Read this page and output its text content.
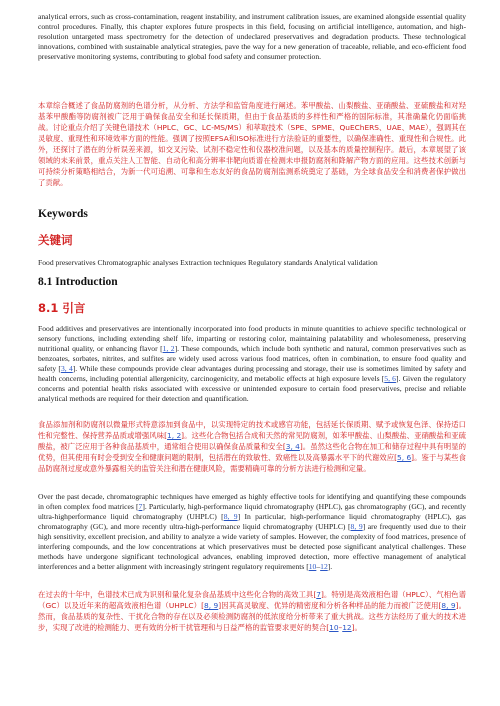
analytical errors, such as cross-contamination, reagent instability, and instrument calibration issues, are examined alongside essential quality control procedures. Finally, this chapter explores future prospects in this field, focusing on artificial intelligence, automation, and high-resolution untargeted mass spectrometry for the detection of undeclared preservatives and degradation products. These technological innovations, combined with sustainable analytical strategies, pave the way for a new generation of traceable, reliable, and eco-efficient food preservative monitoring systems, contributing to global food safety and consumer protection.

本章综合概述了食品防腐剂的色谱分析，从分析、方法学和监管角度进行阐述。苯甲酸盐、山梨酸盐、亚硝酸盐、亚硫酸盐和对羟基苯甲酸酯等防腐剂被广泛用于确保食品安全和延长保质期，但由于食品基质的多样性和严格的国际标准，其准确量化仍面临挑战。讨论重点介绍了关键色谱技术（HPLC、GC、LC-MS/MS）和萃取技术（SPE、SPME、QuEChERS、UAE、MAE），强调其在灵敏度、重现性和环境效率方面的性能。强调了按照EFSA和ISO标准进行方法验证的重要性，以确保准确性、重现性和合规性。此外，还探讨了潜在的分析误差来源，如交叉污染、试剂不稳定性和仪器校准问题，以及基本的质量控制程序。最后，本章展望了该领域的未来前景，重点关注人工智能、自动化和高分辨率非靶向质谱在检测未申报防腐剂和降解产物方面的应用。这些技术创新与可持续分析策略相结合，为新一代可追溯、可靠和生态友好的食品防腐剂监测系统奠定了基础，为全球食品安全和消费者保护做出了贡献。

Keywords

关键词

Food preservatives Chromatographic analyses Extraction techniques Regulatory standards Analytical validation

8.1 Introduction

8.1 引言

Food additives and preservatives are intentionally incorporated into food products in minute quantities to achieve specific technological or sensory functions, including extending shelf life, imparting or restoring color, maintaining palatability and wholesomeness, preserving nutritional quality, or enhancing flavor [1, 2]. These compounds, which include both synthetic and natural, common preservatives such as benzoates, sorbates, nitrites, and sulfites are widely used across various food matrices, often in combination, to ensure food quality and safety [3, 4]. While these compounds provide clear advantages during processing and storage, their use is sometimes limited by safety and health concerns, including potential allergenicity, carcinogenicity, and metabolic effects at high exposure levels [5, 6]. Given the regulatory concerns and potential health risks associated with excessive or unintended exposure to certain food preservatives, precise and reliable analytical methods are required for their detection and quantification.

食品添加剂和防腐剂以微量形式特意添加到食品中，以实现特定的技术或感官功能，包括延长保质期、赋予或恢复色泽、保持适口性和完整性、保持营养品质或增强风味[1, 2]。这些化合物包括合成和天然的常见防腐剂，如苯甲酸盐、山梨酸盐、亚硝酸盐和亚硫酸盐，被广泛应用于各种食品基质中，通常组合使用以确保食品质量和安全[3, 4]。虽然这些化合物在加工和储存过程中具有明显的优势，但其使用有时会受到安全和健康问题的限制，包括潜在的致敏性、致癌性以及高暴露水平下的代谢效应[5, 6]。鉴于与某些食品防腐剂过度或意外暴露相关的监管关注和潜在健康风险，需要精确可靠的分析方法进行检测和定量。

Over the past decade, chromatographic techniques have emerged as highly effective tools for identifying and quantifying these compounds in often complex food matrices [7]. Particularly, high-performance liquid chromatography (HPLC), gas chromatography (GC), and recently ultra-highperformance liquid chromatography (UHPLC) [8, 9] In particular, high-performance liquid chromatography (HPLC), gas chromatography (GC), and more recently ultra-high-performance liquid chromatography (UHPLC) [8, 9] are frequently used due to their high sensitivity, excellent precision, and ability to analyze a wide variety of samples. However, the complexity of food matrices, presence of interfering compounds, and the low concentrations at which preservatives must be detected pose significant analytical challenges. These methods have undergone significant technological advances, enabling improved detection, more effective management of analytical interferences and a better alignment with increasingly stringent regulatory requirements [10–12].

在过去的十年中，色谱技术已成为识别和量化复杂食品基质中这些化合物的高效工具[7]。特别是高效液相色谱（HPLC）、气相色谱（GC）以及近年来的超高效液相色谱（UHPLC）[8, 9]因其高灵敏度、优异的精密度和分析各种样品的能力而被广泛使用[8, 9]。然而，食品基质的复杂性、干扰化合物的存在以及必须检测防腐剂的低浓度给分析带来了重大挑战。这些方法经历了重大的技术进步，实现了改进的检测能力、更有效的分析干扰管理和与日益严格的监管要求更好的契合[10–12]。
